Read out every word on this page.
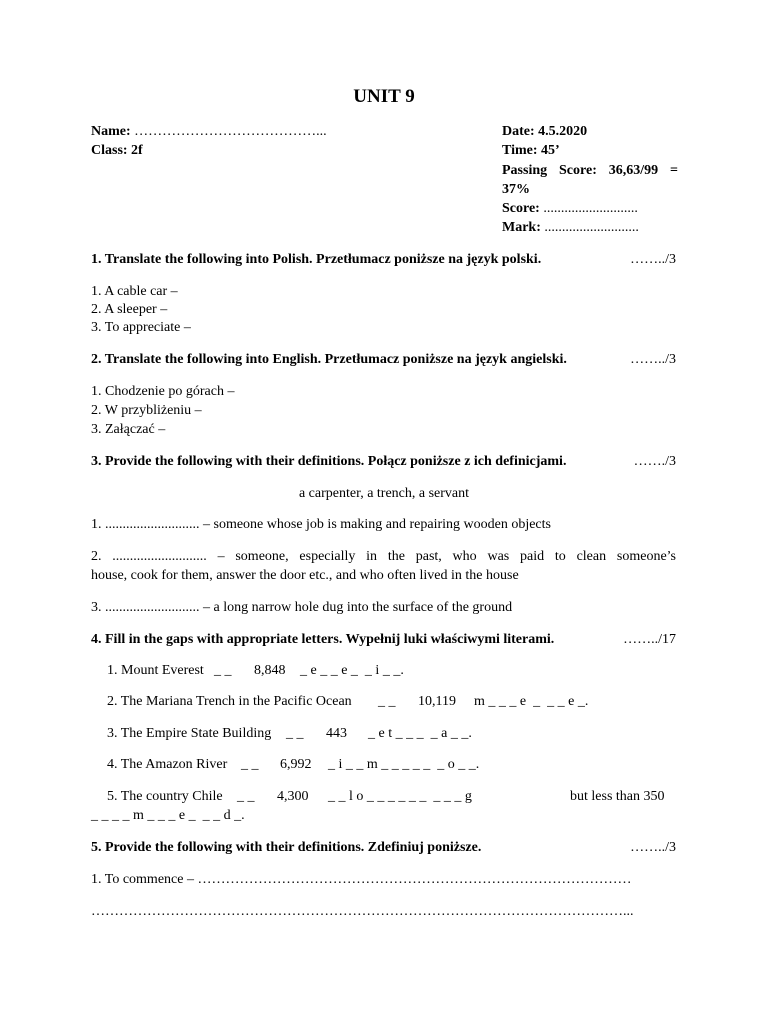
UNIT 9
Name: …………………………………...
Class: 2f
Date: 4.5.2020
Time: 45’
Passing Score: 36,63/99 =
37%
Score: ...........................
Mark: ...........................
1. Translate the following into Polish. Przetłumacz poniższe na język polski.	……../3
1. A cable car –
2. A sleeper –
3. To appreciate –
2. Translate the following into English. Przetłumacz poniższe na język angielski.	……../3
1. Chodzenie po górach –
2. W przybliżeniu –
3. Załączać –
3. Provide the following with their definitions. Połącz poniższe z ich definicjami.	……./3
a carpenter, a trench, a servant
1. ........................... – someone whose job is making and repairing wooden objects
2. ........................... – someone, especially in the past, who was paid to clean someone’s
house, cook for them, answer the door etc., and who often lived in the house
3. ........................... – a long narrow hole dug into the surface of the ground
4. Fill in the gaps with appropriate letters. Wypełnij luki właściwymi literami.	……../17
1. Mount Everest _ _ 8,848 _ e _ _ e _  _ i _ _.
2. The Mariana Trench in the Pacific Ocean _ _ 10,119 m _ _ _ e  _  _ _ e _.
3. The Empire State Building _ _ 443 _ e t _ _ _  _ a _ _.
4. The Amazon River _ _ 6,992 _ i _ _ m _ _ _ _ _  _ o _ _.
5. The country Chile _ _ 4,300 _ _ l o _ _ _ _ _ _  _ _ _ g	but less than 350
_ _ _ _ m _ _ _ e _  _ _ d _.
5. Provide the following with their definitions. Zdefiniuj poniższe.	……../3
1. To commence – …………………………………………………………………………………
……………………………………………………………………………………………………...
